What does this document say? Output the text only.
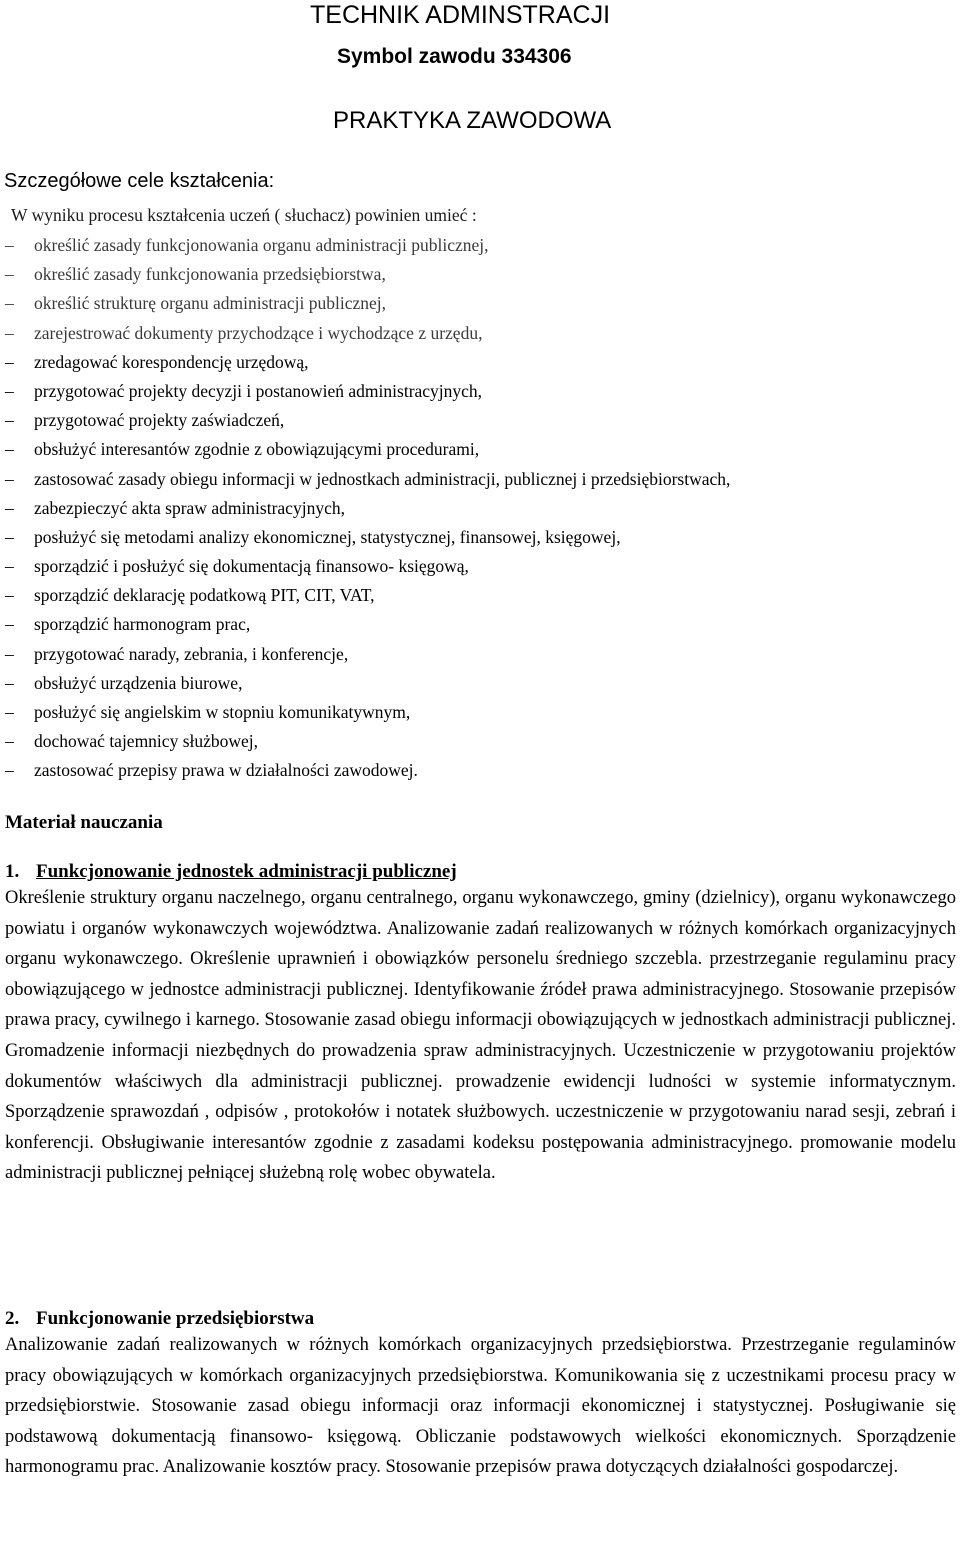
TECHNIK ADMINSTRACJI
Symbol zawodu 334306
PRAKTYKA ZAWODOWA
Szczegółowe cele kształcenia:
W wyniku procesu kształcenia uczeń ( słuchacz) powinien umieć :
– określić zasady funkcjonowania organu administracji publicznej,
– określić zasady funkcjonowania przedsiębiorstwa,
– określić strukturę organu administracji publicznej,
– zarejestrować dokumenty przychodzące i wychodzące z urzędu,
– zredagować korespondencję urzędową,
– przygotować projekty decyzji i postanowień administracyjnych,
– przygotować projekty zaświadczeń,
– obsłużyć interesantów zgodnie z obowiązującymi procedurami,
– zastosować zasady obiegu informacji w jednostkach administracji, publicznej i przedsiębiorstwach,
– zabezpieczyć akta spraw administracyjnych,
– posłużyć się metodami analizy ekonomicznej, statystycznej, finansowej, księgowej,
– sporządzić i posłużyć się dokumentacją finansowo- księgową,
– sporządzić deklarację podatkową PIT, CIT, VAT,
– sporządzić harmonogram prac,
– przygotować narady, zebrania, i konferencje,
– obsłużyć urządzenia biurowe,
– posłużyć się angielskim w stopniu komunikatywnym,
– dochować tajemnicy służbowej,
– zastosować przepisy prawa w działalności zawodowej.
Materiał nauczania
1. Funkcjonowanie jednostek administracji publicznej

Określenie struktury organu naczelnego, organu centralnego, organu wykonawczego, gminy (dzielnicy), organu wykonawczego powiatu i organów wykonawczych województwa. Analizowanie zadań realizowanych w różnych komórkach organizacyjnych organu wykonawczego. Określenie uprawnień i obowiązków personelu średniego szczebla. przestrzeganie regulaminu pracy obowiązującego w jednostce administracji publicznej. Identyfikowanie źródeł prawa administracyjnego. Stosowanie przepisów prawa pracy, cywilnego i karnego. Stosowanie zasad obiegu informacji obowiązujących w jednostkach administracji publicznej. Gromadzenie informacji niezbędnych do prowadzenia spraw administracyjnych. Uczestniczenie w przygotowaniu projektów dokumentów właściwych dla administracji publicznej. prowadzenie ewidencji ludności w systemie informatycznym. Sporządzenie sprawozdań , odpisów , protokołów i notatek służbowych. uczestniczenie w przygotowaniu narad sesji, zebrań i konferencji. Obsługiwanie interesantów zgodnie z zasadami kodeksu postępowania administracyjnego. promowanie modelu administracji publicznej pełniącej służebną rolę wobec obywatela.

2. Funkcjonowanie przedsiębiorstwa

Analizowanie zadań realizowanych w różnych komórkach organizacyjnych przedsiębiorstwa. Przestrzeganie regulaminów pracy obowiązujących w komórkach organizacyjnych przedsiębiorstwa. Komunikowania się z uczestnikami procesu pracy w przedsiębiorstwie. Stosowanie zasad obiegu informacji oraz informacji ekonomicznej i statystycznej. Posługiwanie się podstawową dokumentacją finansowo- księgową. Obliczanie podstawowych wielkości ekonomicznych. Sporządzenie harmonogramu prac. Analizowanie kosztów pracy. Stosowanie przepisów prawa dotyczących działalności gospodarczej.
